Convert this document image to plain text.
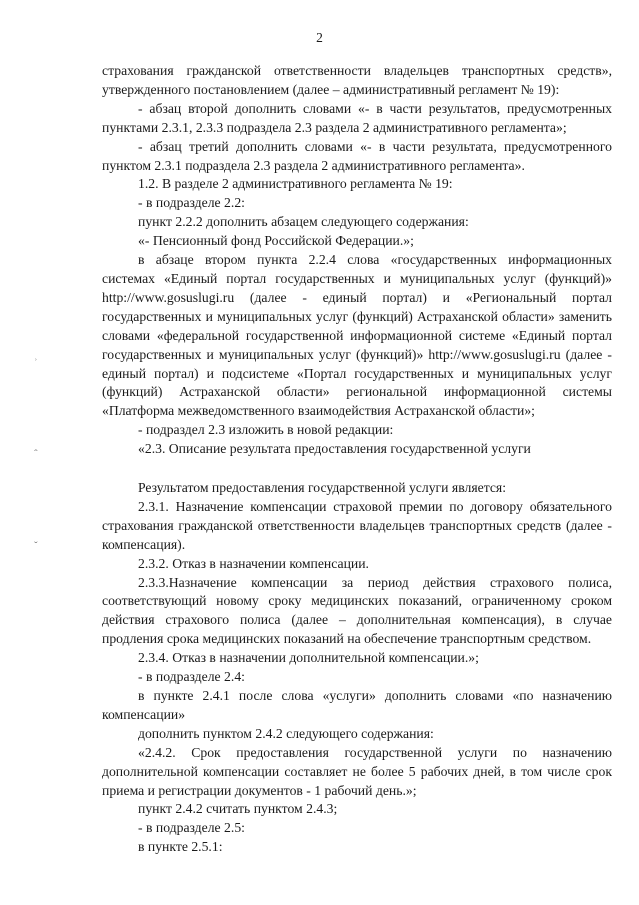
2
˒
ˆ
ˇ

страхования гражданской ответственности владельцев транспортных средств», утвержденного постановлением (далее – административный регламент № 19):

- абзац второй дополнить словами «- в части результатов, предусмотренных пунктами 2.3.1, 2.3.3 подраздела 2.3 раздела 2 административного регламента»;

- абзац третий дополнить словами «- в части результата, предусмотренного пунктом 2.3.1 подраздела 2.3 раздела 2 административного регламента».

1.2. В разделе 2 административного регламента № 19:

- в подразделе 2.2:

пункт 2.2.2 дополнить абзацем следующего содержания:

«- Пенсионный фонд Российской Федерации.»;

в абзаце втором пункта 2.2.4 слова «государственных информационных системах «Единый портал государственных и муниципальных услуг (функций)» http://www.gosuslugi.ru (далее - единый портал) и «Региональный портал государственных и муниципальных услуг (функций) Астраханской области» заменить словами «федеральной государственной информационной системе «Единый портал государственных и муниципальных услуг (функций)» http://www.gosuslugi.ru (далее - единый портал) и подсистеме «Портал государственных и муниципальных услуг (функций) Астраханской области» региональной информационной системы «Платформа межведомственного взаимодействия Астраханской области»;

- подраздел 2.3 изложить в новой редакции:

«2.3. Описание результата предоставления государственной услуги

Результатом предоставления государственной услуги является:

2.3.1. Назначение компенсации страховой премии по договору обязательного страхования гражданской ответственности владельцев транспортных средств (далее - компенсация).

2.3.2. Отказ в назначении компенсации.

2.3.3.Назначение компенсации за период действия страхового полиса, соответствующий новому сроку медицинских показаний, ограниченному сроком действия страхового полиса (далее – дополнительная компенсация), в случае продления срока медицинских показаний на обеспечение транспортным средством.

2.3.4. Отказ в назначении дополнительной компенсации.»;

- в подразделе 2.4:

в пункте 2.4.1 после слова «услуги» дополнить словами «по назначению компенсации»

дополнить пунктом 2.4.2 следующего содержания:

«2.4.2. Срок предоставления государственной услуги по назначению дополнительной компенсации составляет не более 5 рабочих дней, в том числе срок приема и регистрации документов - 1 рабочий день.»;

пункт 2.4.2 считать пунктом 2.4.3;

- в подразделе 2.5:

в пункте 2.5.1:
